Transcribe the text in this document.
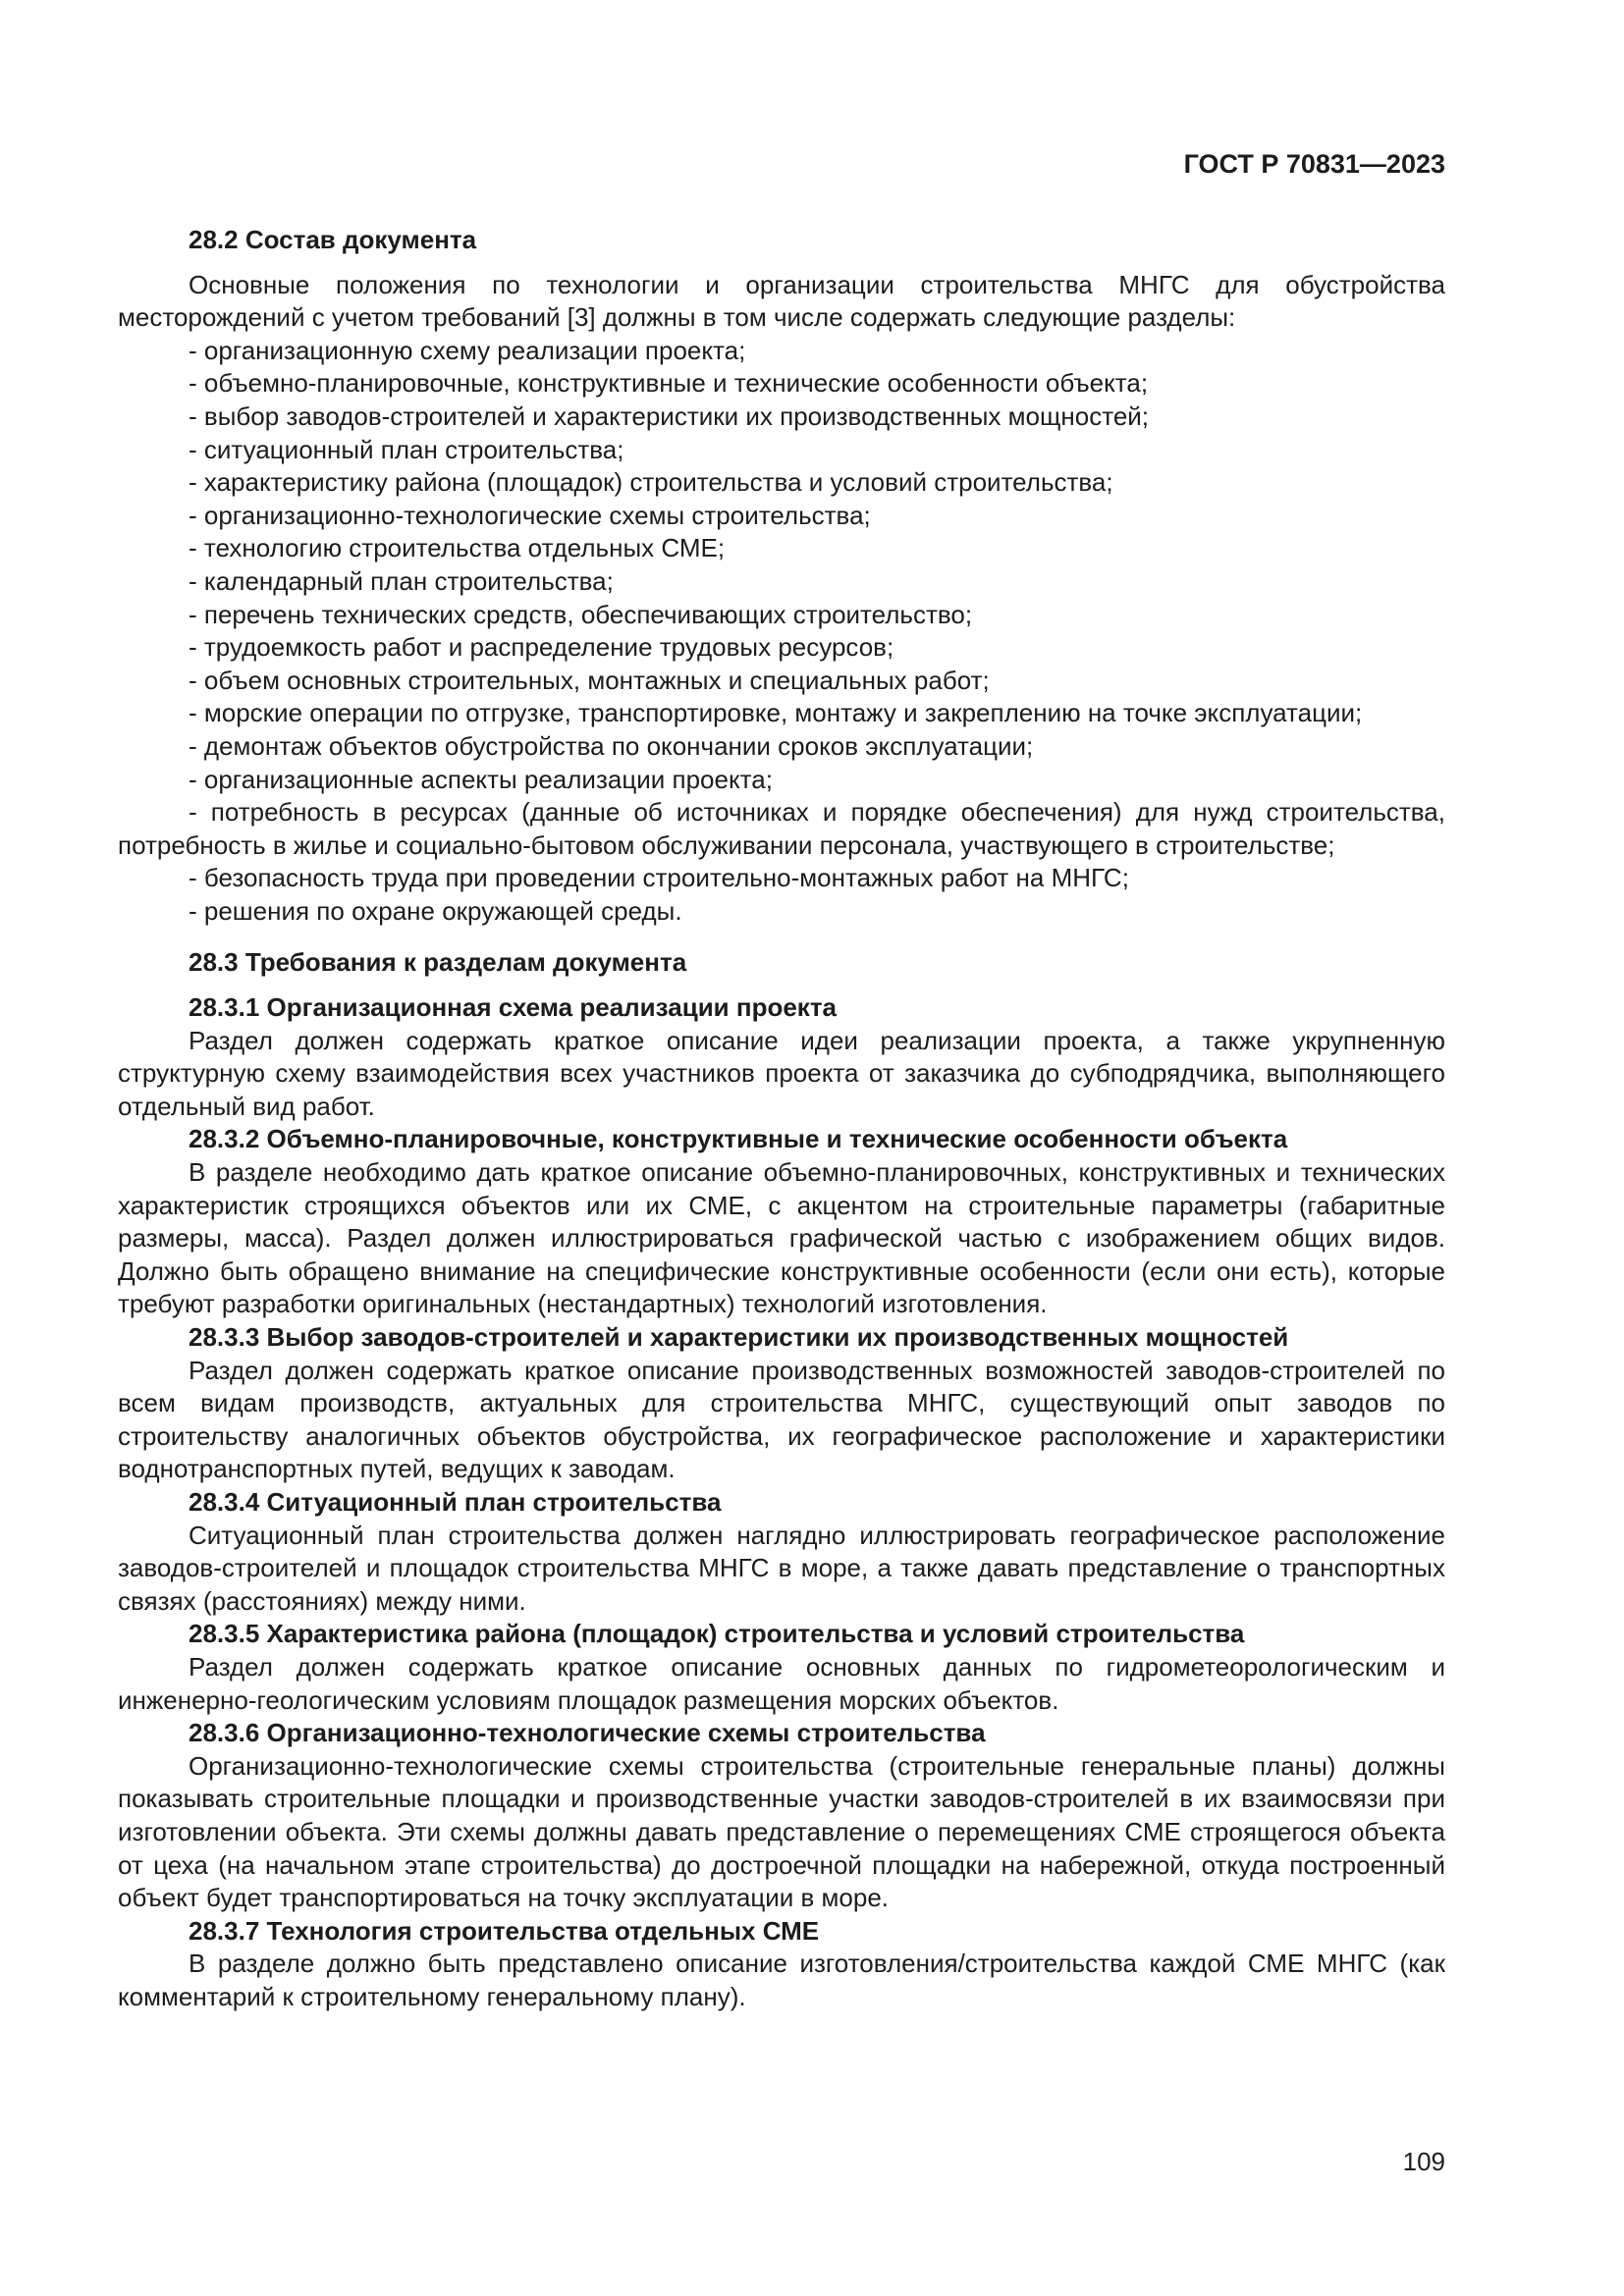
ГОСТ Р 70831—2023
28.2 Состав документа

Основные положения по технологии и организации строительства МНГС для обустройства месторождений с учетом требований [3] должны в том числе содержать следующие разделы:

- организационную схему реализации проекта;
- объемно-планировочные, конструктивные и технические особенности объекта;
- выбор заводов-строителей и характеристики их производственных мощностей;
- ситуационный план строительства;
- характеристику района (площадок) строительства и условий строительства;
- организационно-технологические схемы строительства;
- технологию строительства отдельных СМЕ;
- календарный план строительства;
- перечень технических средств, обеспечивающих строительство;
- трудоемкость работ и распределение трудовых ресурсов;
- объем основных строительных, монтажных и специальных работ;
- морские операции по отгрузке, транспортировке, монтажу и закреплению на точке эксплуатации;
- демонтаж объектов обустройства по окончании сроков эксплуатации;
- организационные аспекты реализации проекта;
- потребность в ресурсах (данные об источниках и порядке обеспечения) для нужд строительства, потребность в жилье и социально-бытовом обслуживании персонала, участвующего в строительстве;
- безопасность труда при проведении строительно-монтажных работ на МНГС;
- решения по охране окружающей среды.
28.3 Требования к разделам документа
28.3.1 Организационная схема реализации проекта

Раздел должен содержать краткое описание идеи реализации проекта, а также укрупненную структурную схему взаимодействия всех участников проекта от заказчика до субподрядчика, выполняющего отдельный вид работ.

28.3.2 Объемно-планировочные, конструктивные и технические особенности объекта

В разделе необходимо дать краткое описание объемно-планировочных, конструктивных и технических характеристик строящихся объектов или их СМЕ, с акцентом на строительные параметры (габаритные размеры, масса). Раздел должен иллюстрироваться графической частью с изображением общих видов. Должно быть обращено внимание на специфические конструктивные особенности (если они есть), которые требуют разработки оригинальных (нестандартных) технологий изготовления.

28.3.3 Выбор заводов-строителей и характеристики их производственных мощностей

Раздел должен содержать краткое описание производственных возможностей заводов-строителей по всем видам производств, актуальных для строительства МНГС, существующий опыт заводов по строительству аналогичных объектов обустройства, их географическое расположение и характеристики воднотранспортных путей, ведущих к заводам.

28.3.4 Ситуационный план строительства

Ситуационный план строительства должен наглядно иллюстрировать географическое расположение заводов-строителей и площадок строительства МНГС в море, а также давать представление о транспортных связях (расстояниях) между ними.

28.3.5 Характеристика района (площадок) строительства и условий строительства

Раздел должен содержать краткое описание основных данных по гидрометеорологическим и инженерно-геологическим условиям площадок размещения морских объектов.

28.3.6 Организационно-технологические схемы строительства

Организационно-технологические схемы строительства (строительные генеральные планы) должны показывать строительные площадки и производственные участки заводов-строителей в их взаимосвязи при изготовлении объекта. Эти схемы должны давать представление о перемещениях СМЕ строящегося объекта от цеха (на начальном этапе строительства) до достроечной площадки на набережной, откуда построенный объект будет транспортироваться на точку эксплуатации в море.

28.3.7 Технология строительства отдельных СМЕ

В разделе должно быть представлено описание изготовления/строительства каждой СМЕ МНГС (как комментарий к строительному генеральному плану).

109
